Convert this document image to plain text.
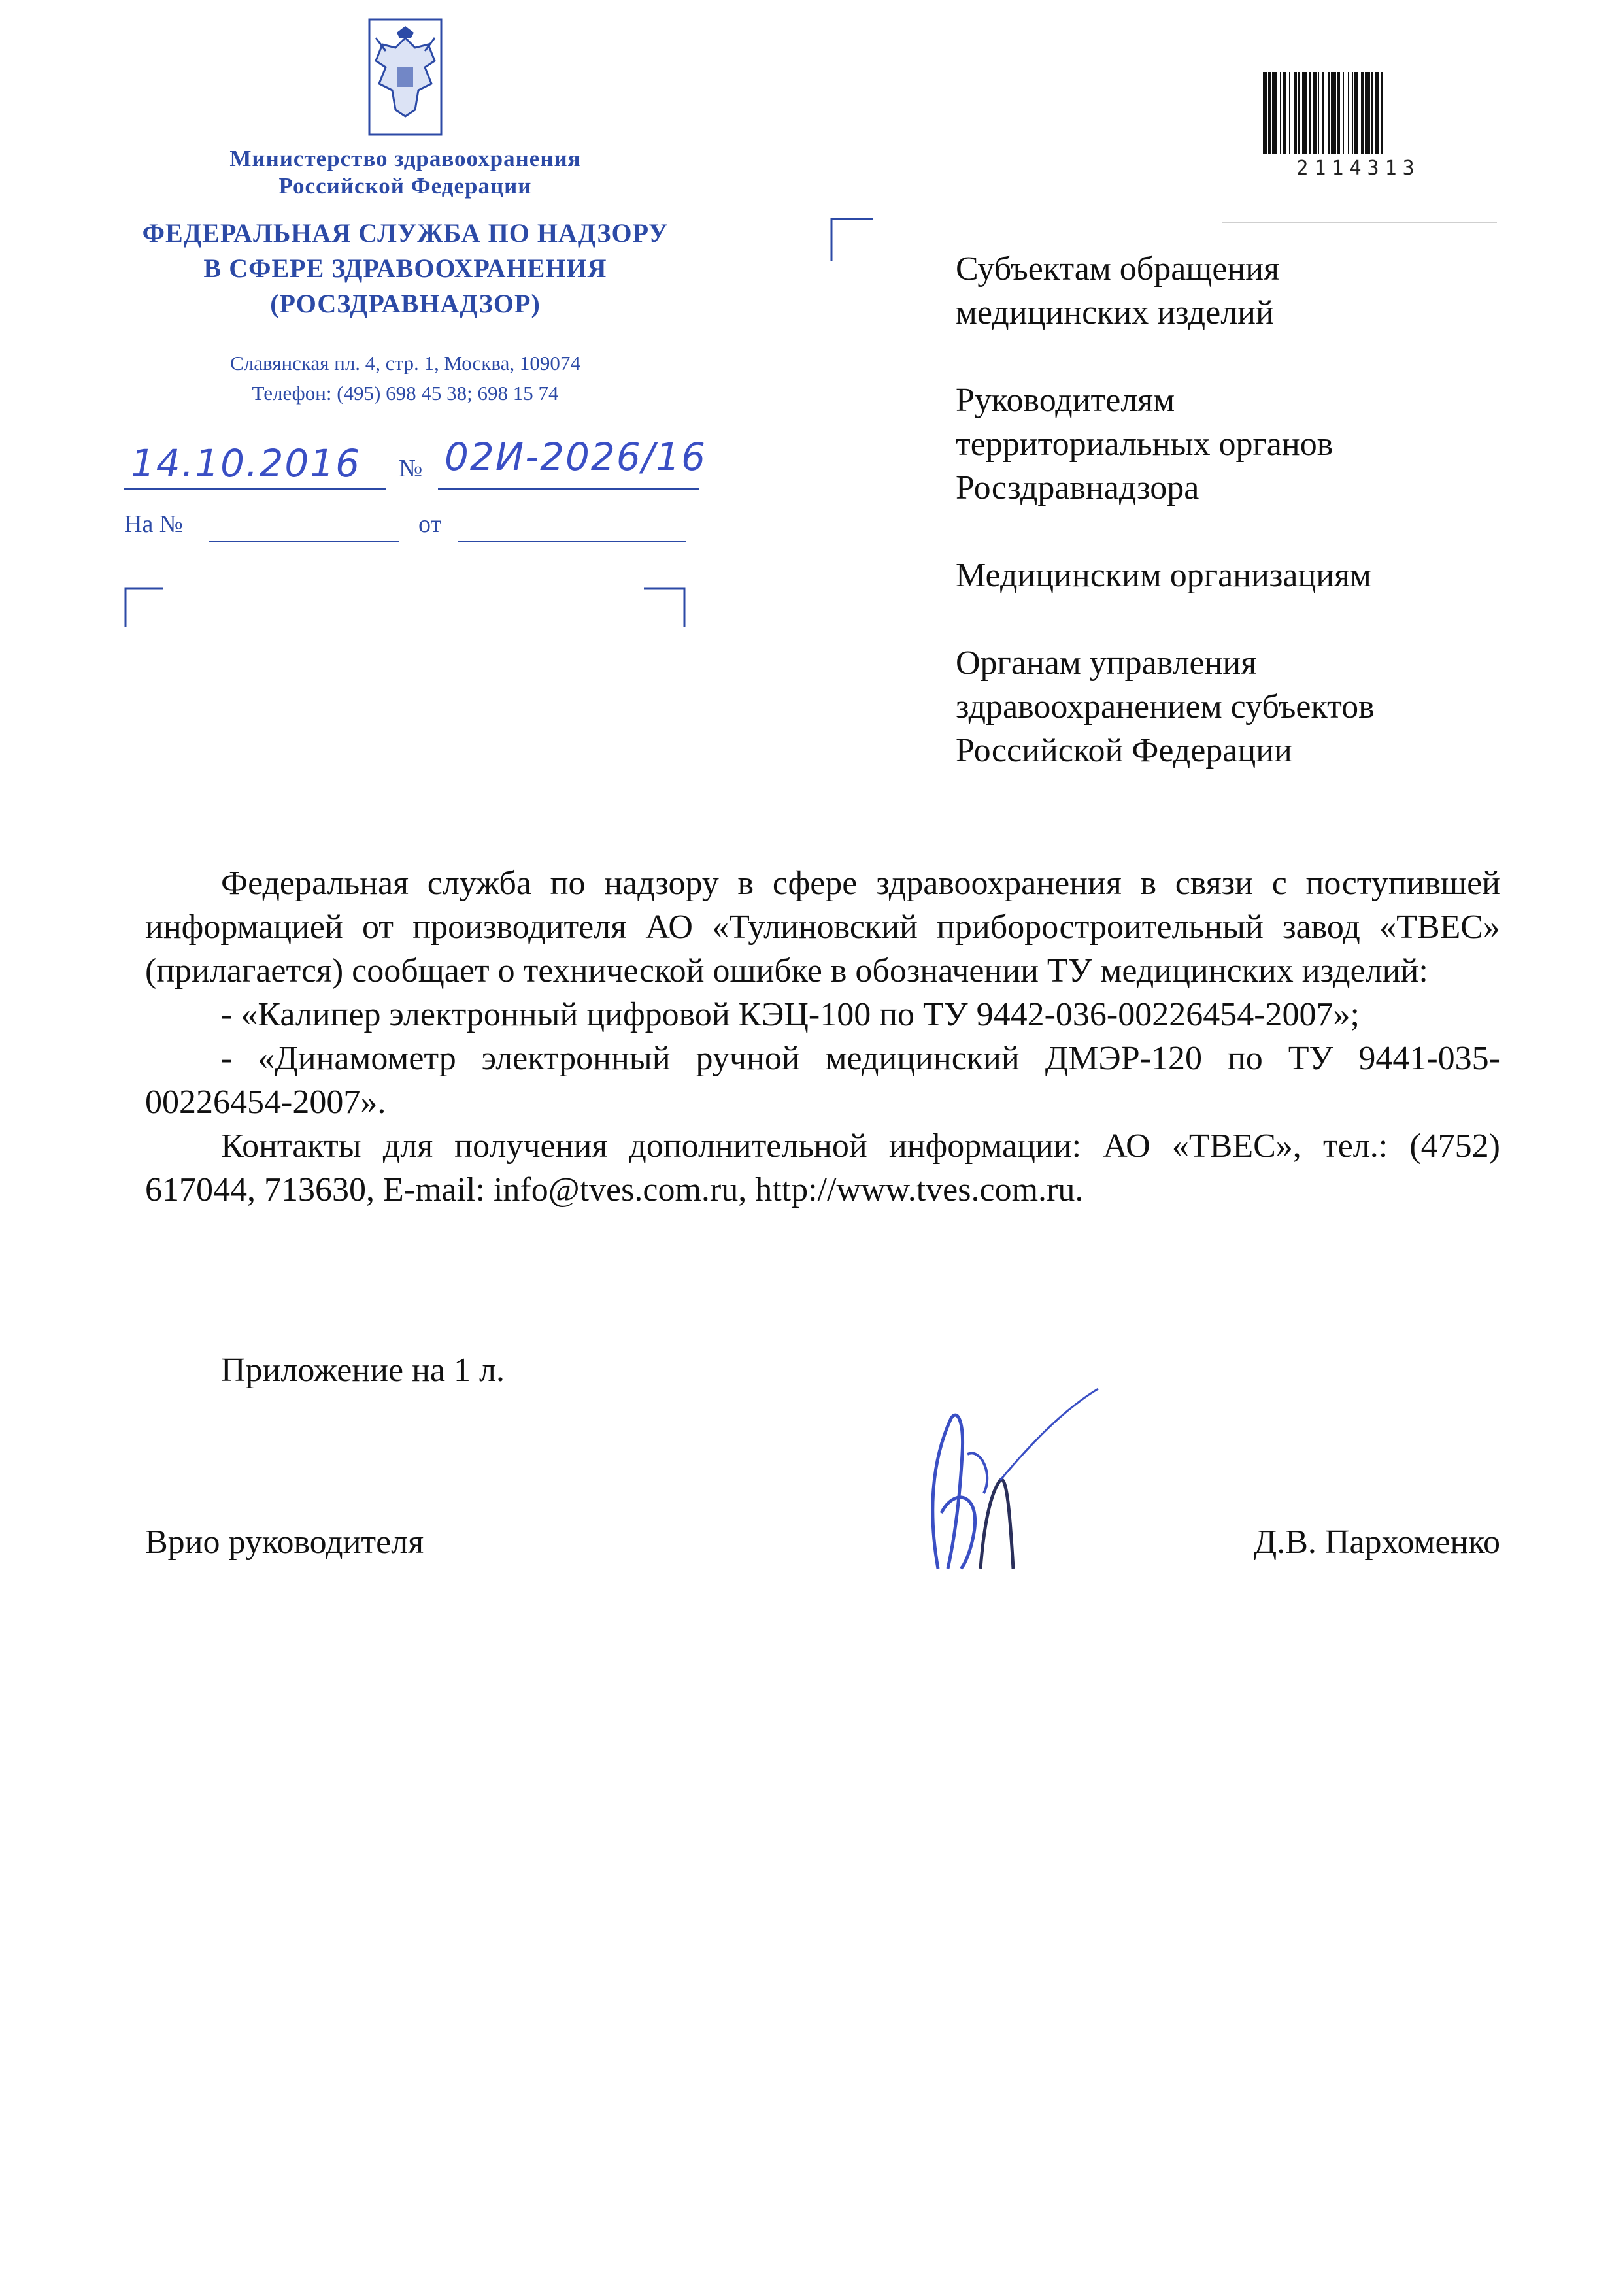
Министерство здравоохранения
Российской Федерации
ФЕДЕРАЛЬНАЯ СЛУЖБА ПО НАДЗОРУ
В СФЕРЕ ЗДРАВООХРАНЕНИЯ
(РОСЗДРАВНАДЗОР)
Славянская пл. 4, стр. 1, Москва, 109074
Телефон: (495) 698 45 38; 698 15 74
14.10.2016 № 02И-2026/16
На №	от
2114313
Субъектам обращения
медицинских изделий
Руководителям
территориальных органов
Росздравнадзора
Медицинским организациям
Органам управления
здравоохранением субъектов
Российской Федерации

Федеральная служба по надзору в сфере здравоохранения в связи с поступившей информацией от производителя АО «Тулиновский приборостроительный завод «ТВЕС» (прилагается) сообщает о технической ошибке в обозначении ТУ медицинских изделий:

- «Калипер электронный цифровой КЭЦ-100 по ТУ 9442-036-00226454-2007»;

- «Динамометр электронный ручной медицинский ДМЭР-120 по ТУ 9441-035-00226454-2007».

Контакты для получения дополнительной информации: АО «ТВЕС», тел.: (4752) 617044, 713630, E-mail: info@tves.com.ru, http://www.tves.com.ru.

Приложение на 1 л.
Врио руководителя	Д.В. Пархоменко
